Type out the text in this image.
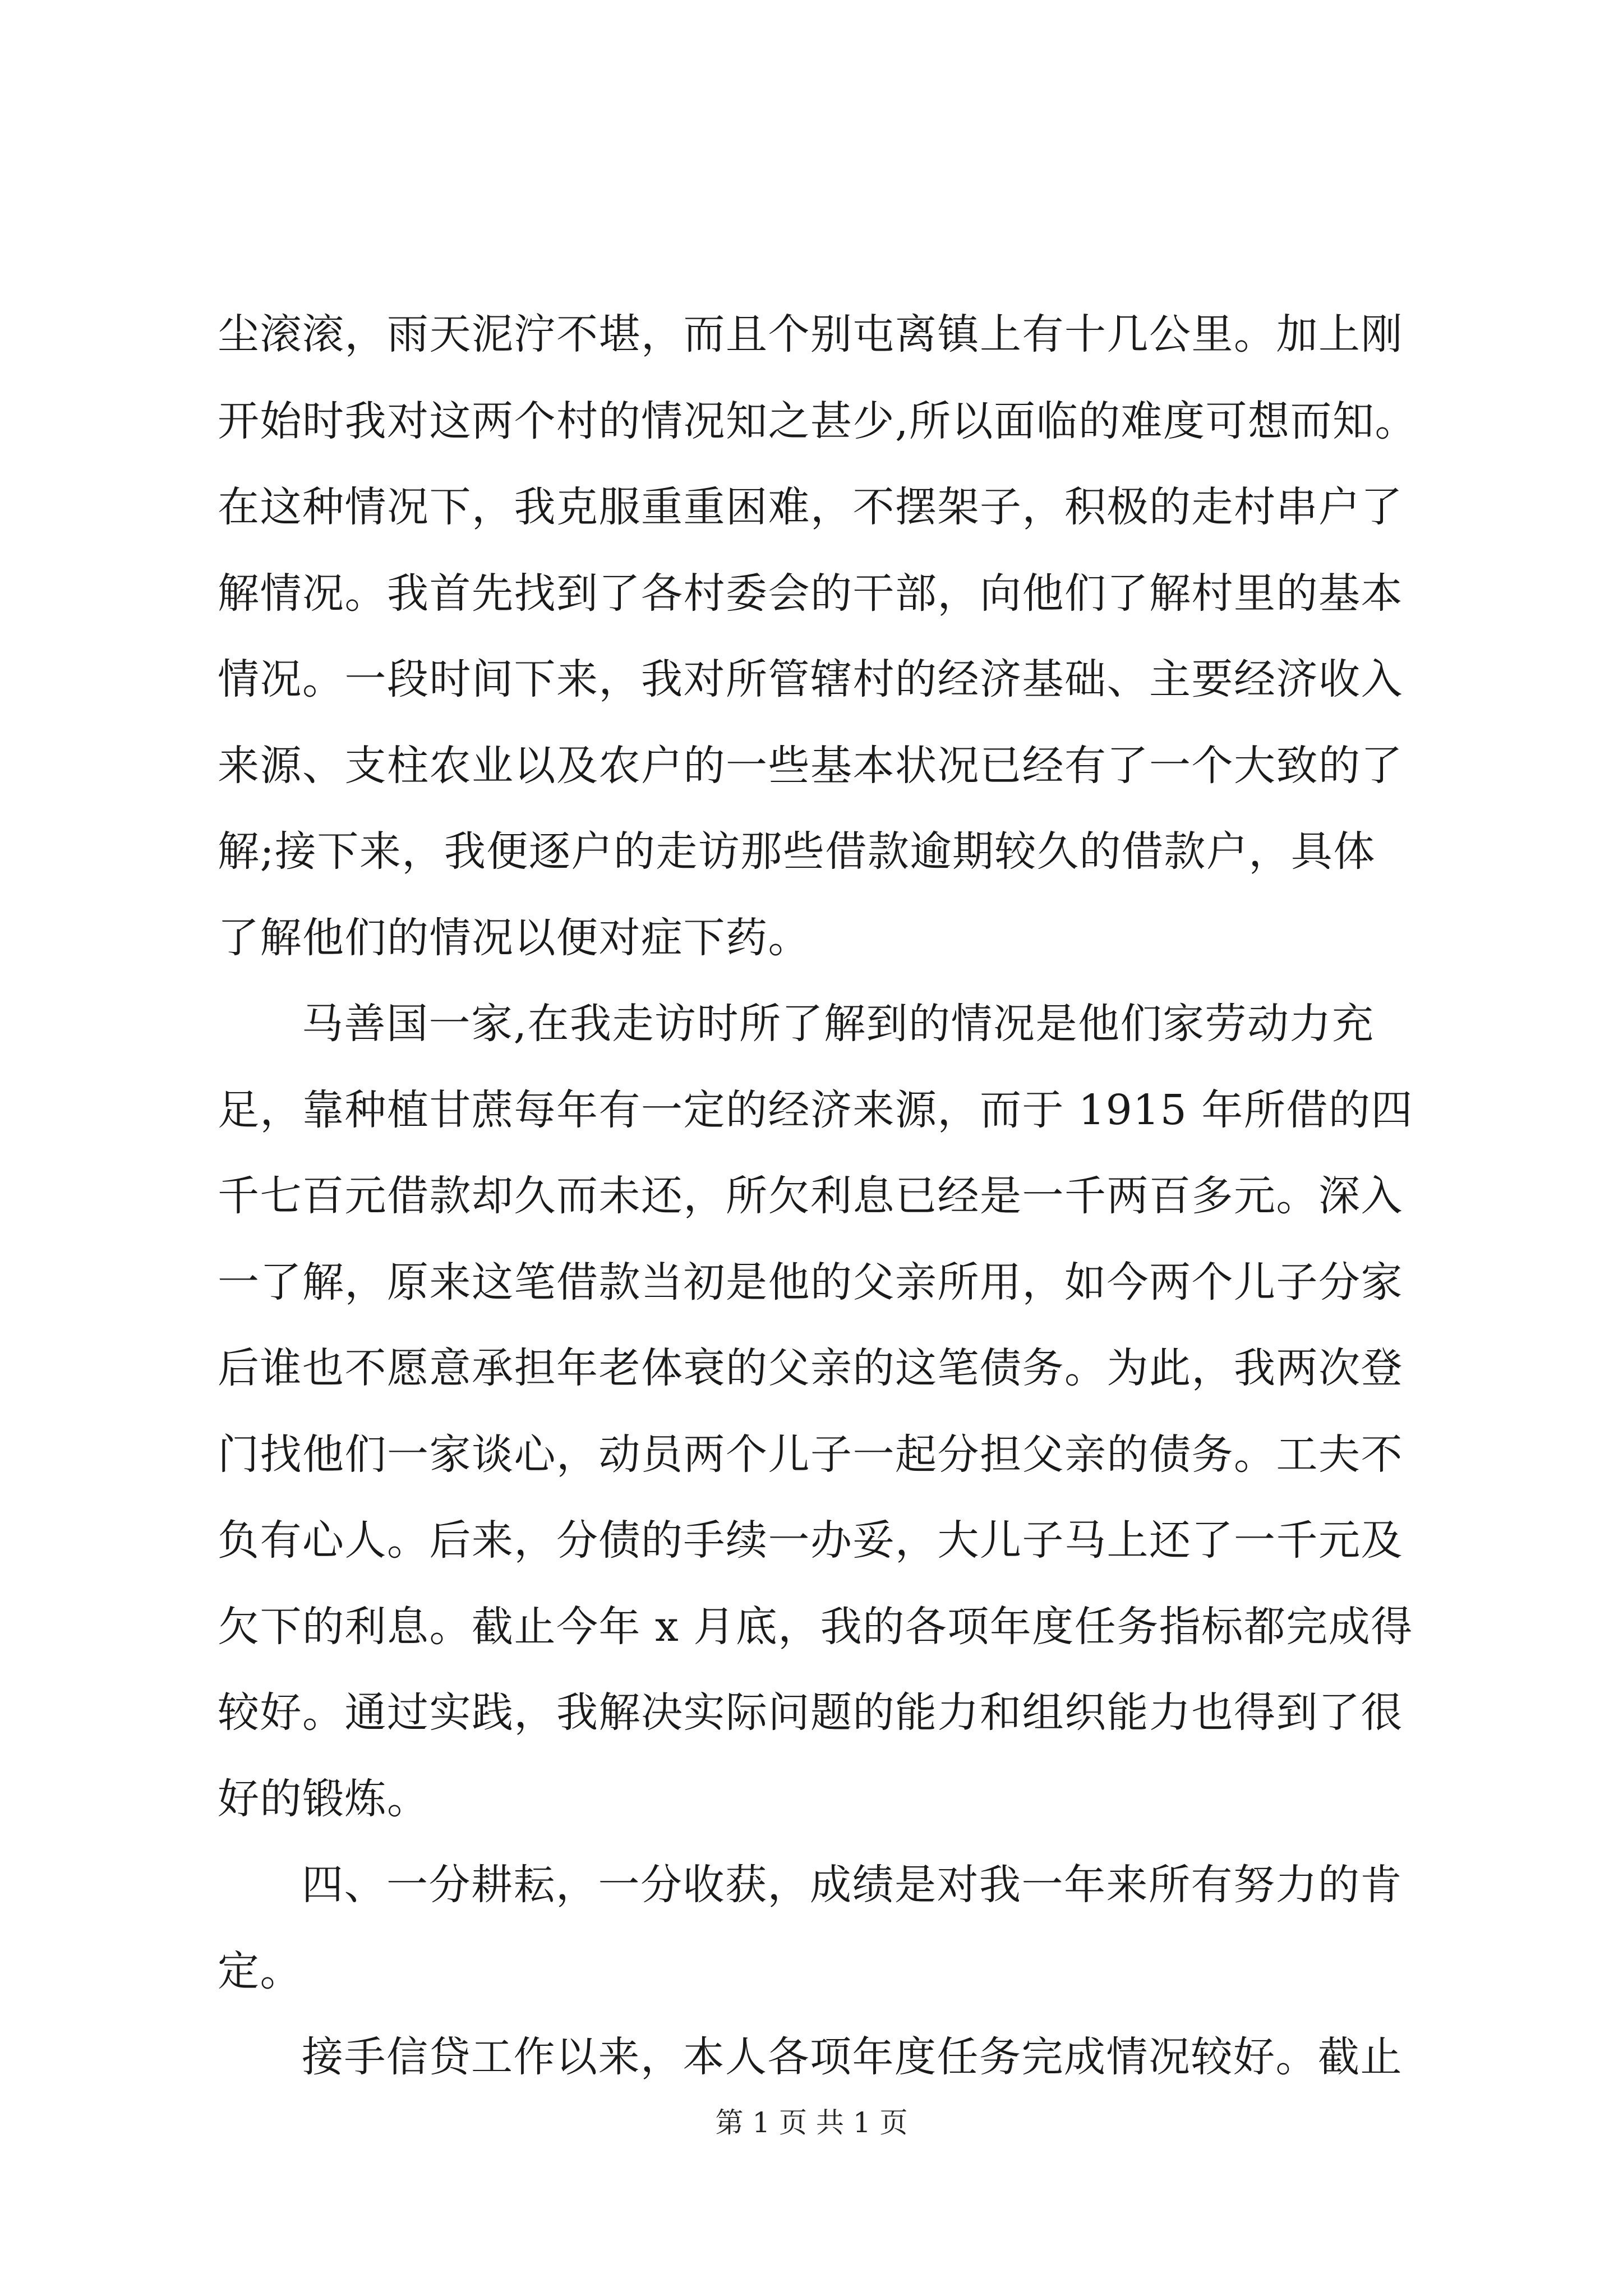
尘滚滚，雨天泥泞不堪，而且个别屯离镇上有十几公里。加上刚
开始时我对这两个村的情况知之甚少,所以面临的难度可想而知。
在这种情况下，我克服重重困难，不摆架子，积极的走村串户了
解情况。我首先找到了各村委会的干部，向他们了解村里的基本
情况。一段时间下来，我对所管辖村的经济基础、主要经济收入
来源、支柱农业以及农户的一些基本状况已经有了一个大致的了
解;接下来，我便逐户的走访那些借款逾期较久的借款户，具体
了解他们的情况以便对症下药。
马善国一家,在我走访时所了解到的情况是他们家劳动力充
足，靠种植甘蔗每年有一定的经济来源，而于 1915 年所借的四
千七百元借款却久而未还，所欠利息已经是一千两百多元。深入
一了解，原来这笔借款当初是他的父亲所用，如今两个儿子分家
后谁也不愿意承担年老体衰的父亲的这笔债务。为此，我两次登
门找他们一家谈心，动员两个儿子一起分担父亲的债务。工夫不
负有心人。后来，分债的手续一办妥，大儿子马上还了一千元及
欠下的利息。截止今年 x 月底，我的各项年度任务指标都完成得
较好。通过实践，我解决实际问题的能力和组织能力也得到了很
好的锻炼。
四、一分耕耘，一分收获，成绩是对我一年来所有努力的肯
定。
接手信贷工作以来，本人各项年度任务完成情况较好。截止
第 1 页 共 1 页
